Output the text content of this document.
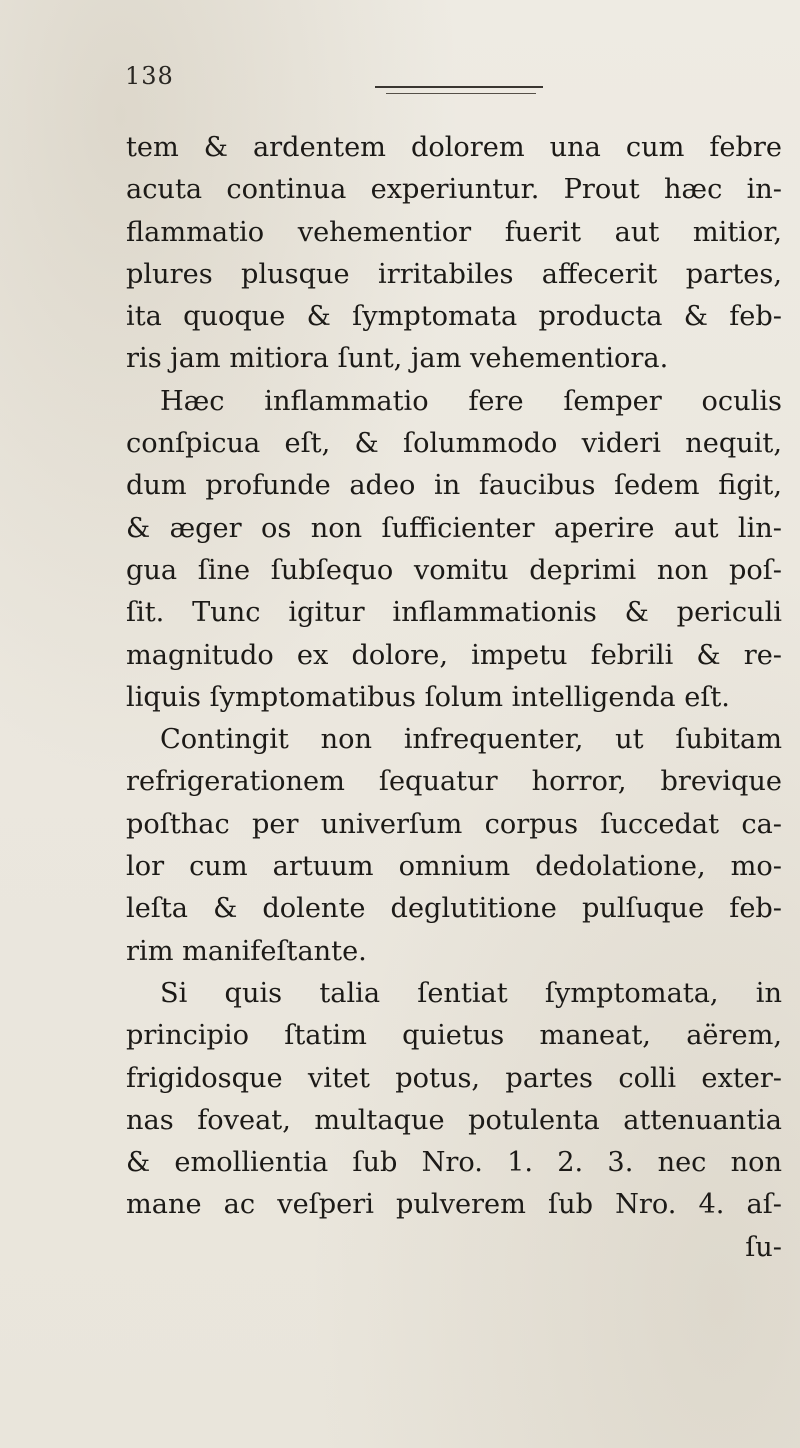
138
tem & ardentem dolorem una cum febre
acuta continua experiuntur. Prout hæc in-
flammatio vehementior fuerit aut mitior,
plures plusque irritabiles affecerit partes,
ita quoque & ſymptomata producta & feb-
ris jam mitiora ſunt, jam vehementiora.
Hæc inflammatio fere ſemper oculis
conſpicua eſt, & ſolummodo videri nequit,
dum profunde adeo in faucibus ſedem figit,
& æger os non ſufficienter aperire aut lin-
gua ſine ſubſequo vomitu deprimi non poſ-
ſit. Tunc igitur inflammationis & periculi
magnitudo ex dolore, impetu febrili & re-
liquis ſymptomatibus ſolum intelligenda eſt.
Contingit non infrequenter, ut ſubitam
refrigerationem ſequatur horror, brevique
poſthac per univerſum corpus ſuccedat ca-
lor cum artuum omnium dedolatione, mo-
leſta & dolente deglutitione pulſuque feb-
rim manifeſtante.
Si quis talia ſentiat ſymptomata, in
principio ſtatim quietus maneat, aërem,
frigidosque vitet potus, partes colli exter-
nas foveat, multaque potulenta attenuantia
& emollientia ſub Nro. 1. 2. 3. nec non
mane ac veſperi pulverem ſub Nro. 4. aſ-
ſu-
